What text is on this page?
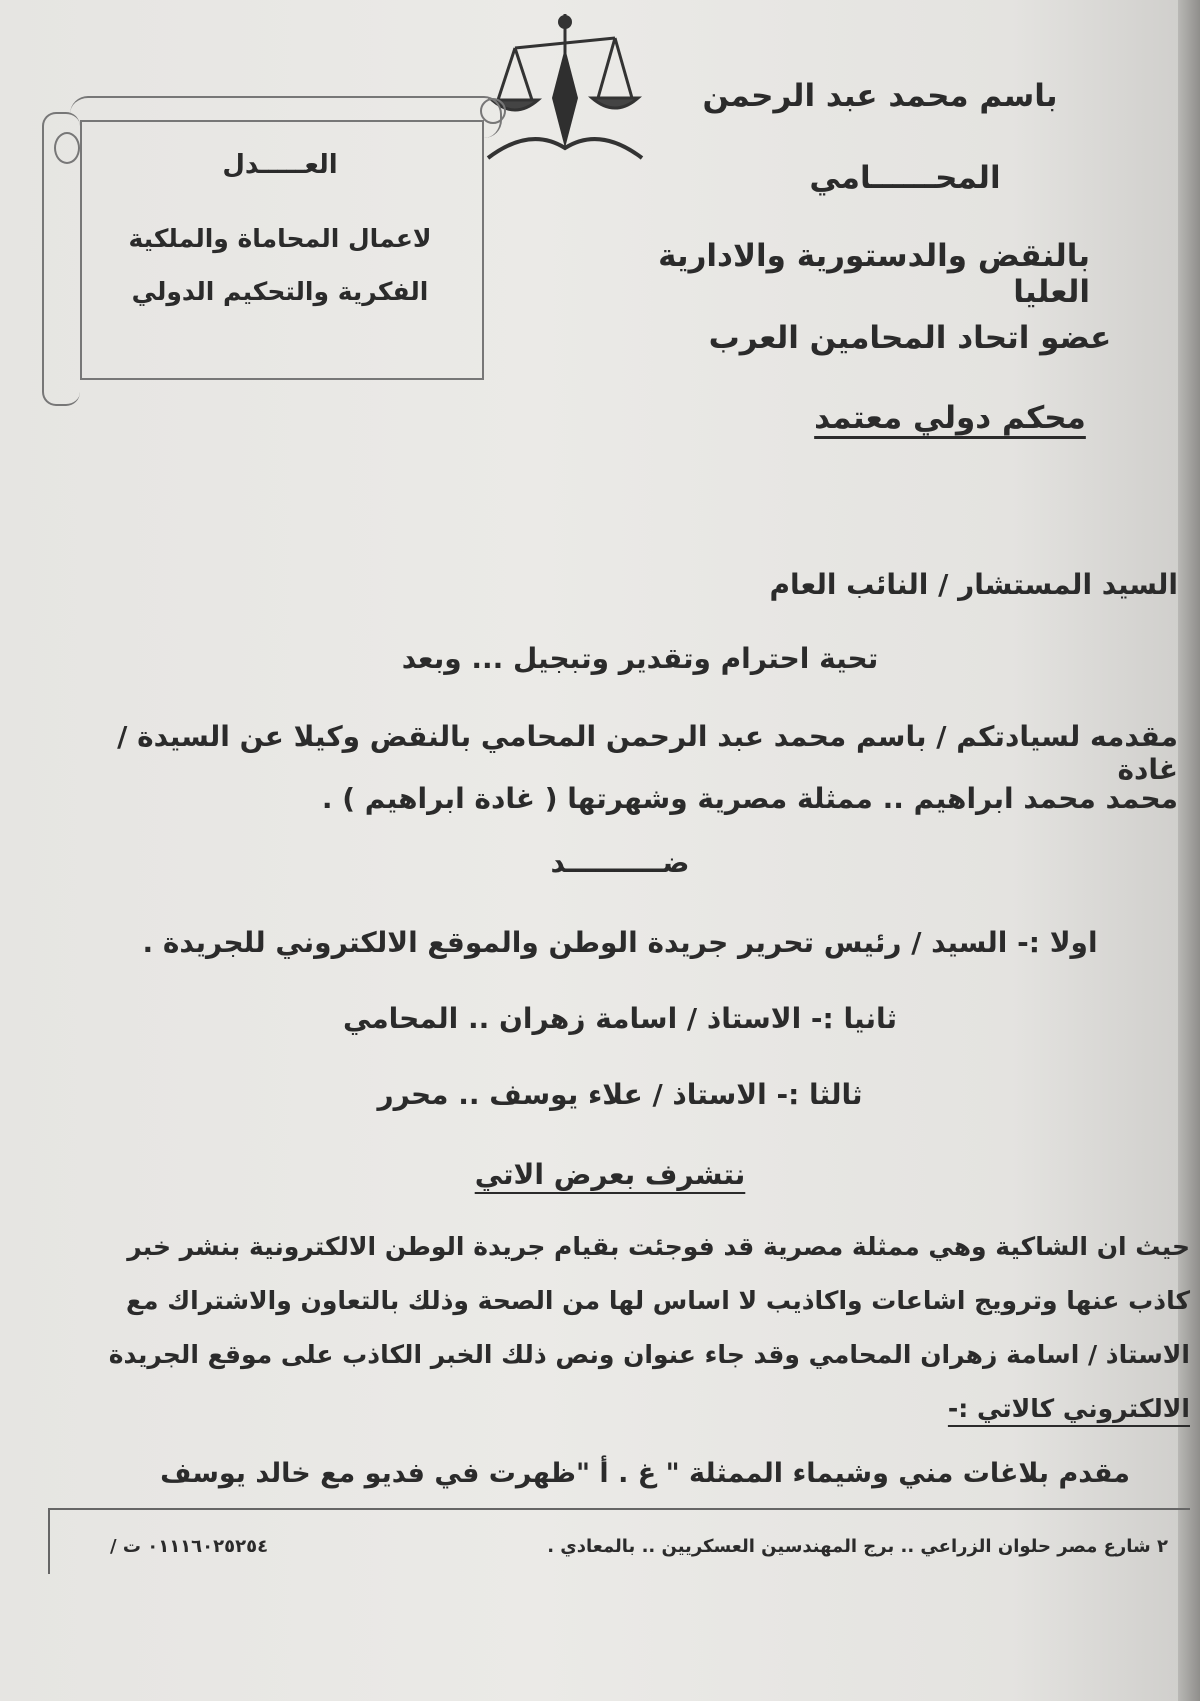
العـــــدل
لاعمال المحاماة والملكية
الفكرية والتحكيم الدولي
باسم محمد عبد الرحمن
المحــــــامي
بالنقض والدستورية والادارية العليا
عضو اتحاد المحامين العرب
محكم دولي معتمد
السيد المستشار / النائب العام
تحية احترام وتقدير وتبجيل ... وبعد
مقدمه لسيادتكم / باسم محمد عبد الرحمن المحامي بالنقض وكيلا عن السيدة / غادة
محمد محمد ابراهيم .. ممثلة مصرية وشهرتها ( غادة ابراهيم ) .
ضــــــــــد
اولا :- السيد / رئيس تحرير جريدة الوطن والموقع الالكتروني للجريدة .
ثانيا :- الاستاذ / اسامة زهران .. المحامي
ثالثا :- الاستاذ / علاء يوسف .. محرر
نتشرف بعرض الاتي
حيث ان الشاكية وهي ممثلة مصرية قد فوجئت بقيام جريدة الوطن الالكترونية بنشر خبر
كاذب عنها وترويج اشاعات واكاذيب لا اساس لها من الصحة وذلك بالتعاون والاشتراك مع
الاستاذ / اسامة زهران المحامي وقد جاء عنوان ونص ذلك الخبر الكاذب على موقع الجريدة
الالكتروني كالاتي :-
مقدم بلاغات مني وشيماء الممثلة " غ . أ "ظهرت في فديو مع خالد يوسف
٢ شارع مصر حلوان الزراعي .. برج المهندسين العسكريين .. بالمعادي .
ت / ٠١١١٦٠٢٥٢٥٤
